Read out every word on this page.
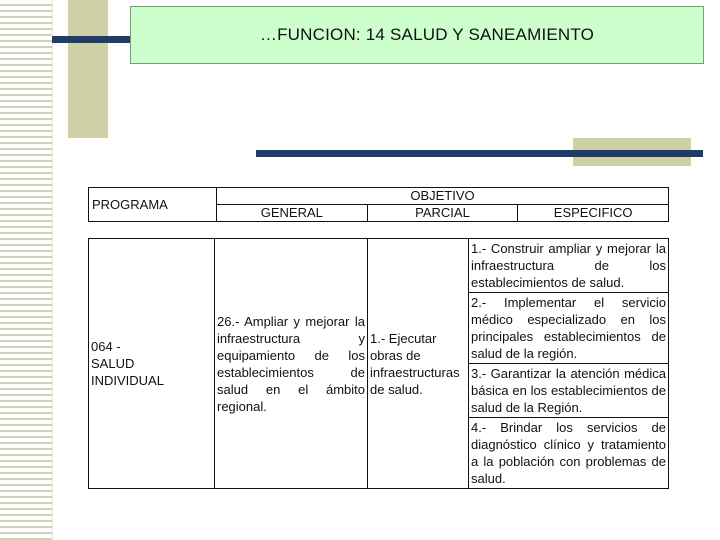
…FUNCION: 14 SALUD Y SANEAMIENTO
PROGRAMA	OBJETIVO		
	GENERAL	PARCIAL	ESPECIFICO
064 -
SALUD
INDIVIDUAL
	26.- Ampliar y mejorar la infraestructura y equipamiento de los establecimientos de salud en el ámbito regional.	1.- Ejecutar obras de infraestructuras de salud.	1.- Construir ampliar y mejorar la infraestructura de los establecimientos de salud.
2.- Implementar el servicio médico especializado en los principales establecimientos de salud de la región.
3.- Garantizar la atención médica básica en los establecimientos de salud de la Región.
4.- Brindar los servicios de diagnóstico clínico y tratamiento a la población con problemas de salud.
